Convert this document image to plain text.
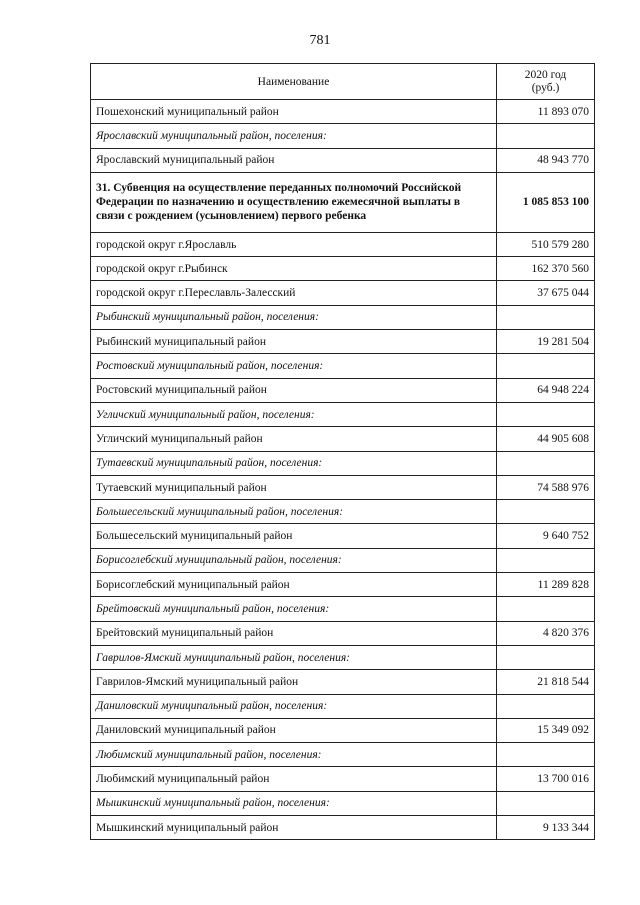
781
Наименование	2020 год
(руб.)

Пошехонский муниципальный район	11 893 070
Ярославский муниципальный район, поселения:	
Ярославский муниципальный район	48 943 770
31. Субвенция на осуществление переданных полномочий Российской Федерации по назначению и осуществлению ежемесячной выплаты в связи с рождением (усыновлением) первого ребенка	1 085 853 100
городской округ г.Ярославль	510 579 280
городской округ г.Рыбинск	162 370 560
городской округ г.Переславль-Залесский	37 675 044
Рыбинский муниципальный район, поселения:	
Рыбинский муниципальный район	19 281 504
Ростовский муниципальный район, поселения:	
Ростовский муниципальный район	64 948 224
Угличский муниципальный район, поселения:	
Угличский муниципальный район	44 905 608
Тутаевский муниципальный район, поселения:	
Тутаевский муниципальный район	74 588 976
Большесельский муниципальный район, поселения:	
Большесельский муниципальный район	9 640 752
Борисоглебский муниципальный район, поселения:	
Борисоглебский муниципальный район	11 289 828
Брейтовский муниципальный район, поселения:	
Брейтовский муниципальный район	4 820 376
Гаврилов-Ямский муниципальный район, поселения:	
Гаврилов-Ямский муниципальный район	21 818 544
Даниловский муниципальный район, поселения:	
Даниловский муниципальный район	15 349 092
Любимский муниципальный район, поселения:	
Любимский муниципальный район	13 700 016
Мышкинский муниципальный район, поселения:	
Мышкинский муниципальный район	9 133 344
